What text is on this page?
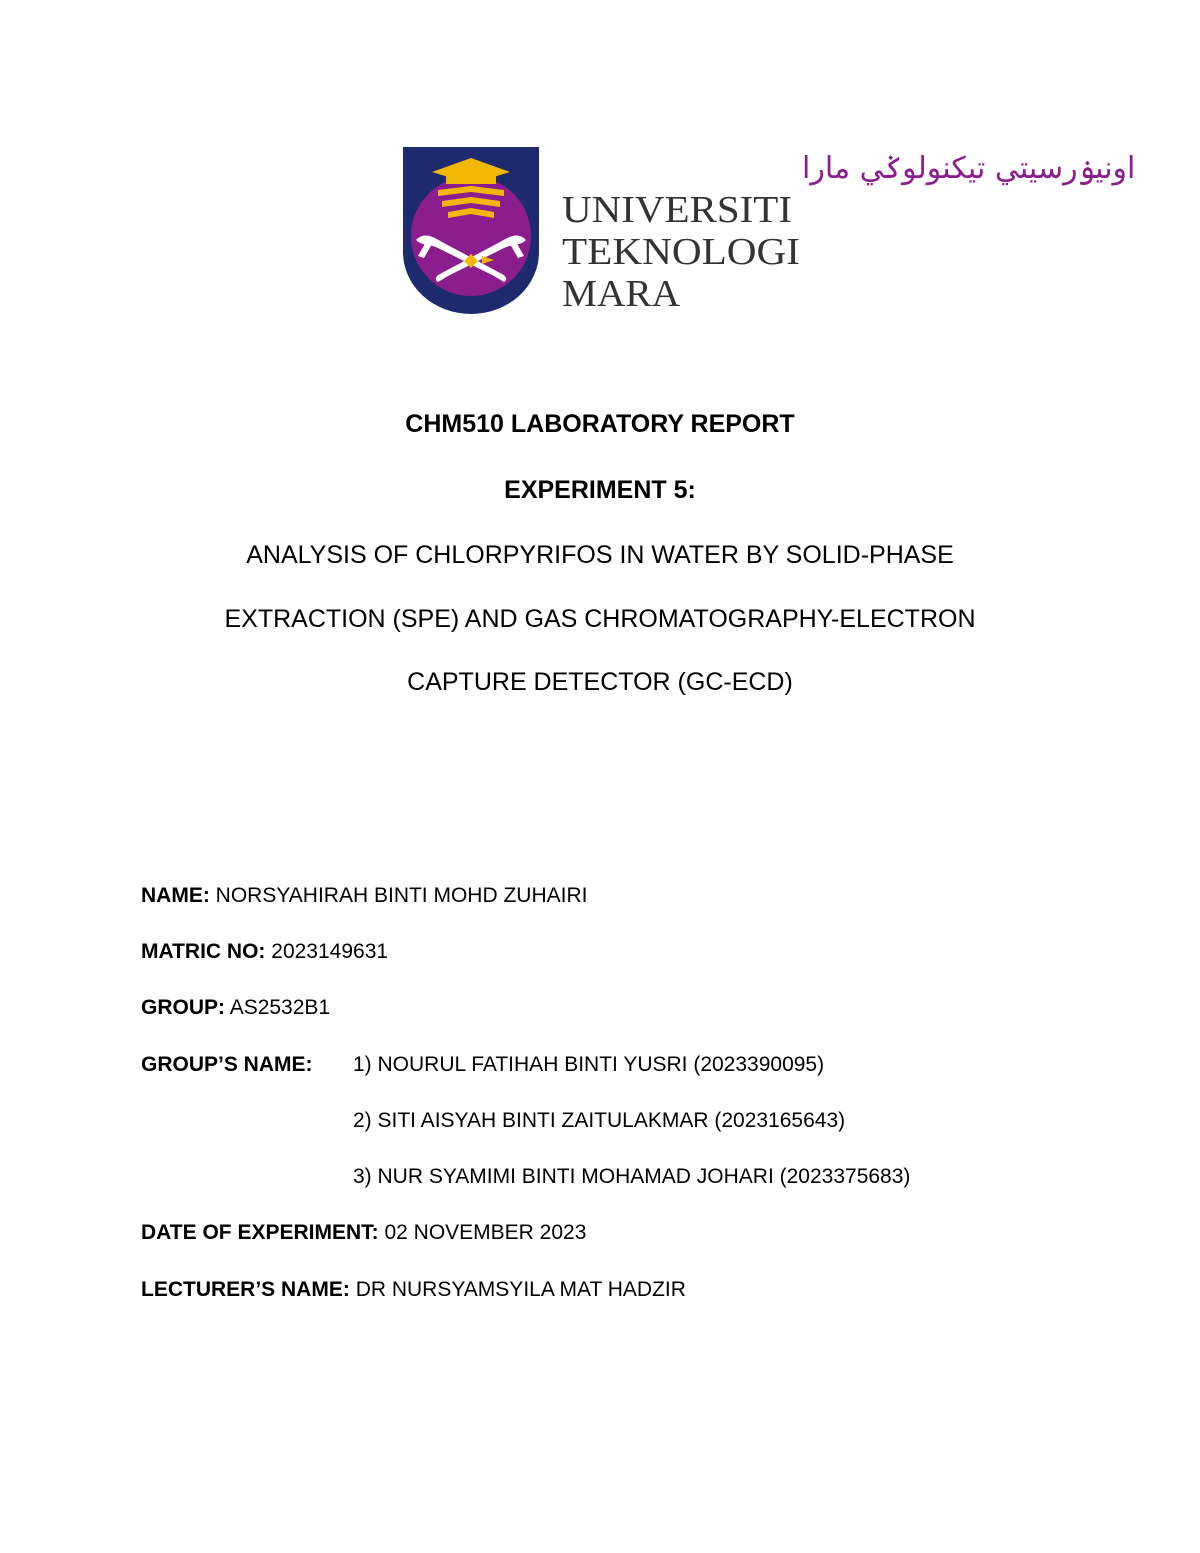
اونيۏرسيتي تيكنولوݢي مارا
UNIVERSITI
TEKNOLOGI
MARA
CHM510 LABORATORY REPORT
EXPERIMENT 5:
ANALYSIS OF CHLORPYRIFOS IN WATER BY SOLID-PHASE
EXTRACTION (SPE) AND GAS CHROMATOGRAPHY-ELECTRON
CAPTURE DETECTOR (GC-ECD)
NAME: NORSYAHIRAH BINTI MOHD ZUHAIRI
MATRIC NO: 2023149631
GROUP: AS2532B1
GROUP’S NAME: 1) NOURUL FATIHAH BINTI YUSRI (2023390095)
2) SITI AISYAH BINTI ZAITULAKMAR (2023165643)
3) NUR SYAMIMI BINTI MOHAMAD JOHARI (2023375683)
DATE OF EXPERIMENT: 02 NOVEMBER 2023
LECTURER’S NAME: DR NURSYAMSYILA MAT HADZIR
